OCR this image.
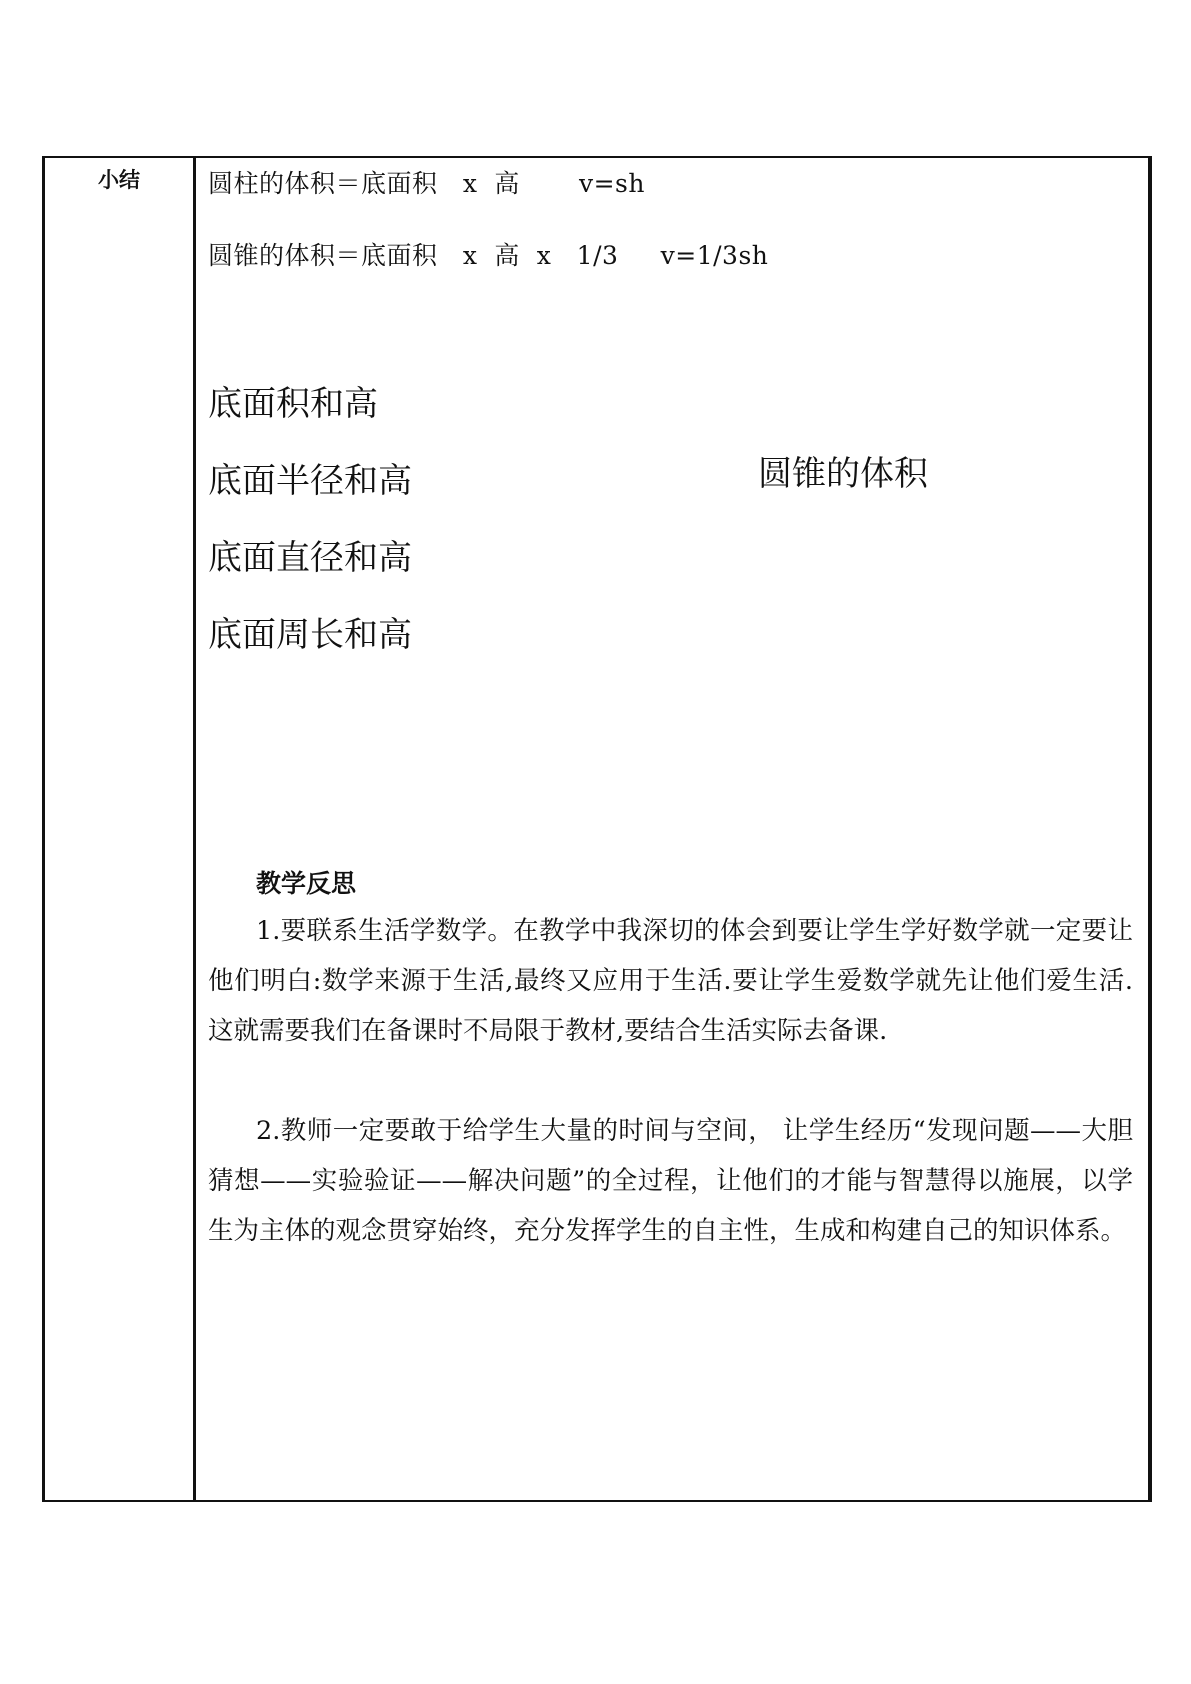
小结	圆柱的体积＝底面积   x  高       v=sh
圆锥的体积＝底面积   x  高  x   1/3     v=1/3sh
底面积和高
底面半径和高
底面直径和高
底面周长和高
圆锥的体积
教学反思
1.要联系生活学数学。在教学中我深切的体会到要让学生学好数学就一定要让他们明白:数学来源于生活,最终又应用于生活.要让学生爱数学就先让他们爱生活.这就需要我们在备课时不局限于教材,要结合生活实际去备课.
2.教师一定要敢于给学生大量的时间与空间， 让学生经历“发现问题——大胆猜想——实验验证——解决问题”的全过程，让他们的才能与智慧得以施展，以学生为主体的观念贯穿始终，充分发挥学生的自主性，生成和构建自己的知识体系。
